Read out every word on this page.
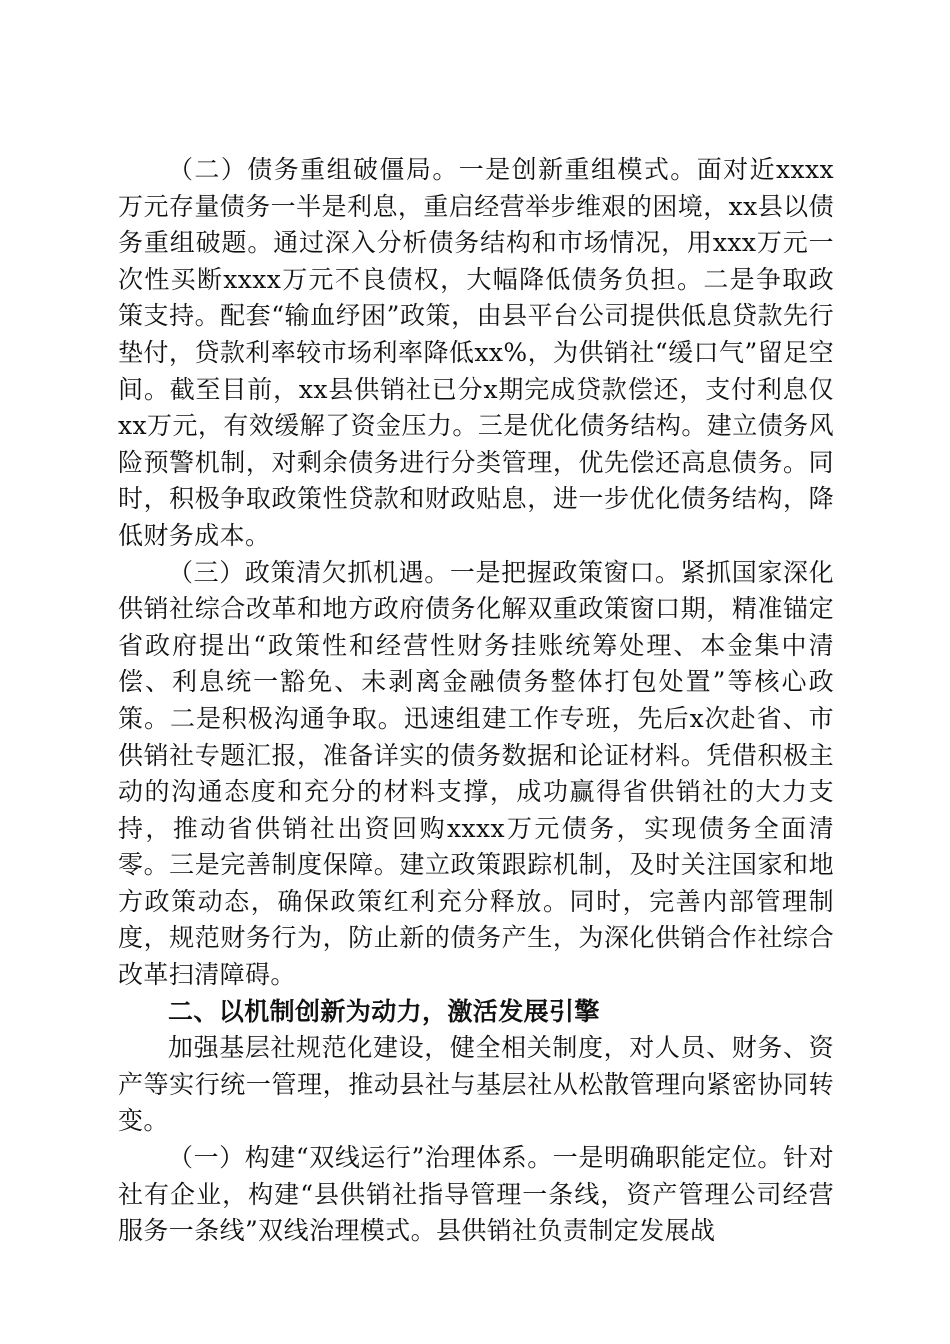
（二）债务重组破僵局。一是创新重组模式。面对近xxxx万元存量债务一半是利息，重启经营举步维艰的困境，xx县以债务重组破题。通过深入分析债务结构和市场情况，用xxx万元一次性买断xxxx万元不良债权，大幅降低债务负担。二是争取政策支持。配套“输血纾困”政策，由县平台公司提供低息贷款先行垫付，贷款利率较市场利率降低xx%，为供销社“缓口气”留足空间。截至目前，xx县供销社已分x期完成贷款偿还，支付利息仅xx万元，有效缓解了资金压力。三是优化债务结构。建立债务风险预警机制，对剩余债务进行分类管理，优先偿还高息债务。同时，积极争取政策性贷款和财政贴息，进一步优化债务结构，降低财务成本。

（三）政策清欠抓机遇。一是把握政策窗口。紧抓国家深化供销社综合改革和地方政府债务化解双重政策窗口期，精准锚定省政府提出“政策性和经营性财务挂账统筹处理、本金集中清偿、利息统一豁免、未剥离金融债务整体打包处置”等核心政策。二是积极沟通争取。迅速组建工作专班，先后x次赴省、市供销社专题汇报，准备详实的债务数据和论证材料。凭借积极主动的沟通态度和充分的材料支撑，成功赢得省供销社的大力支持，推动省供销社出资回购xxxx万元债务，实现债务全面清零。三是完善制度保障。建立政策跟踪机制，及时关注国家和地方政策动态，确保政策红利充分释放。同时，完善内部管理制度，规范财务行为，防止新的债务产生，为深化供销合作社综合改革扫清障碍。

二、以机制创新为动力，激活发展引擎

加强基层社规范化建设，健全相关制度，对人员、财务、资产等实行统一管理，推动县社与基层社从松散管理向紧密协同转变。

（一）构建“双线运行”治理体系。一是明确职能定位。针对社有企业，构建“县供销社指导管理一条线，资产管理公司经营服务一条线”双线治理模式。县供销社负责制定发展战
